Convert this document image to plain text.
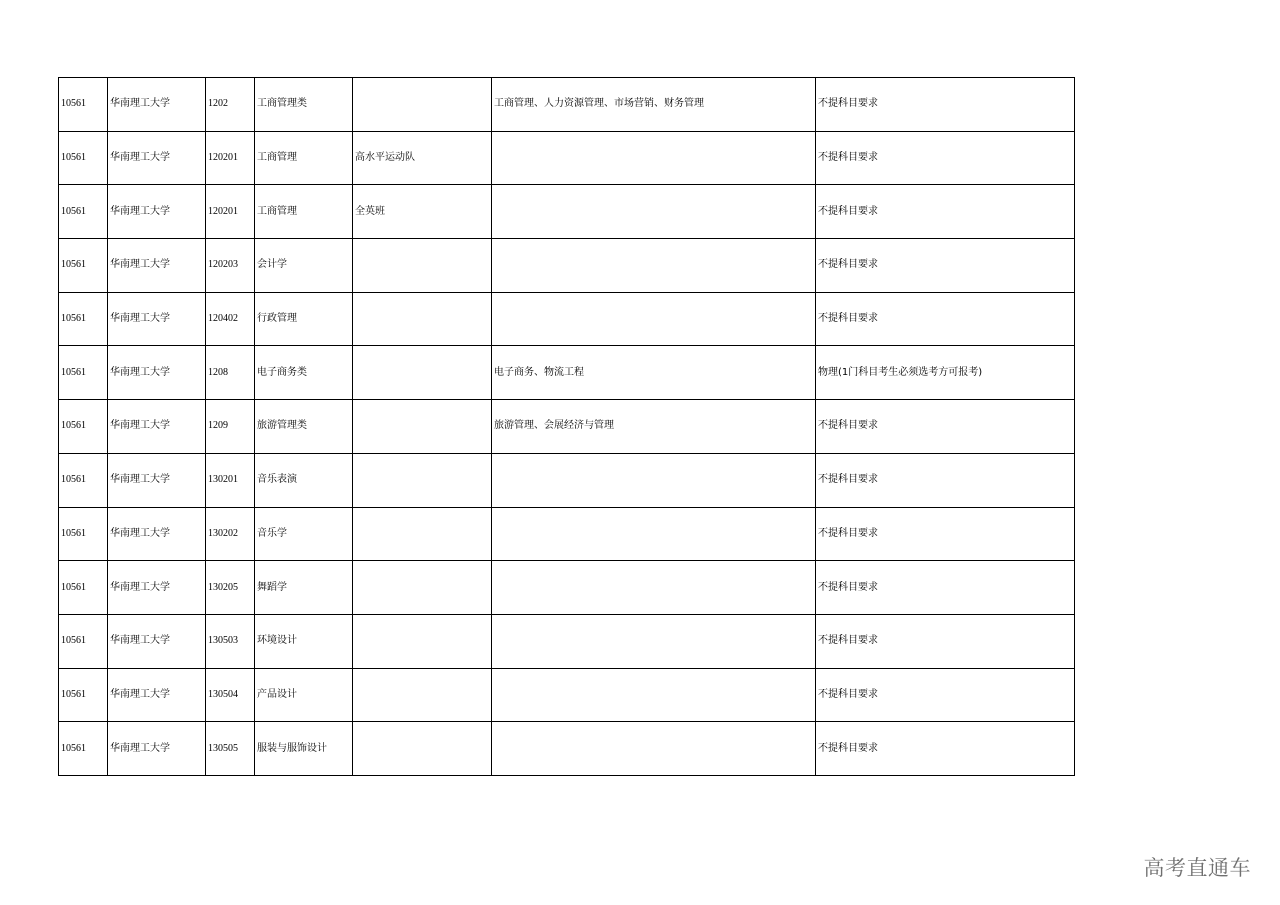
10561	华南理工大学	1202	工商管理类		工商管理、人力资源管理、市场营销、财务管理	不提科目要求
10561	华南理工大学	120201	工商管理	高水平运动队		不提科目要求
10561	华南理工大学	120201	工商管理	全英班		不提科目要求
10561	华南理工大学	120203	会计学			不提科目要求
10561	华南理工大学	120402	行政管理			不提科目要求
10561	华南理工大学	1208	电子商务类		电子商务、物流工程	物理(1门科目考生必须选考方可报考)
10561	华南理工大学	1209	旅游管理类		旅游管理、会展经济与管理	不提科目要求
10561	华南理工大学	130201	音乐表演			不提科目要求
10561	华南理工大学	130202	音乐学			不提科目要求
10561	华南理工大学	130205	舞蹈学			不提科目要求
10561	华南理工大学	130503	环境设计			不提科目要求
10561	华南理工大学	130504	产品设计			不提科目要求
10561	华南理工大学	130505	服装与服饰设计			不提科目要求
高考直通车
